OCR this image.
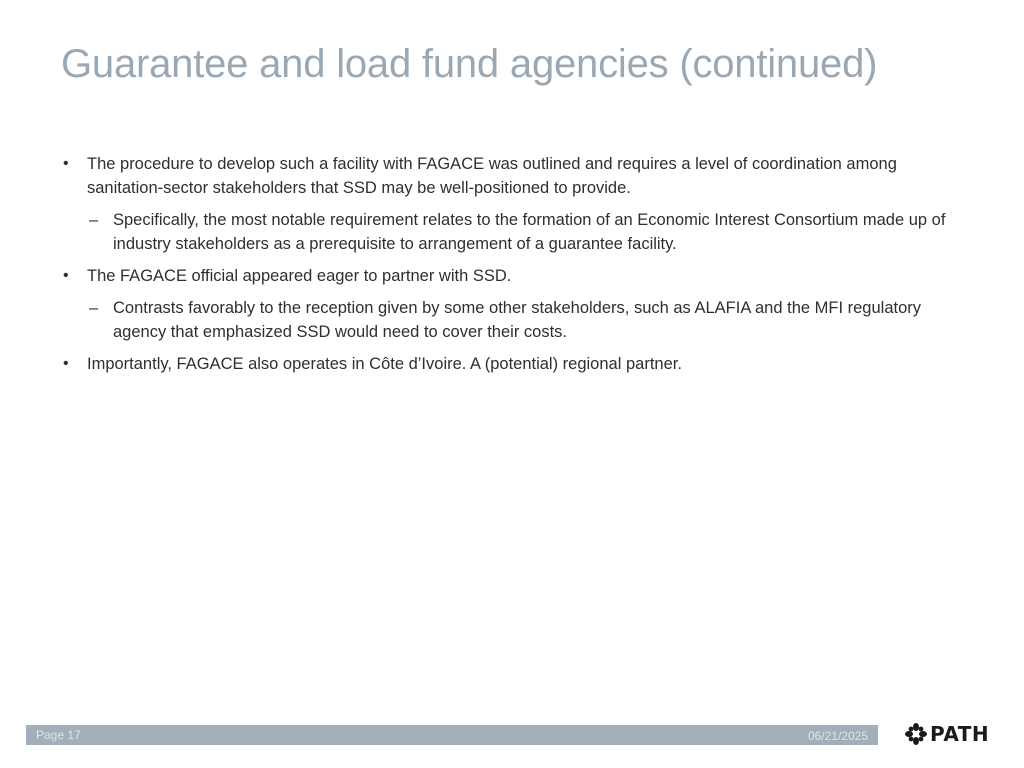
Guarantee and load fund agencies (continued)
• The procedure to develop such a facility with FAGACE was outlined and requires a level of coordination among sanitation-sector stakeholders that SSD may be well-positioned to provide.
– Specifically, the most notable requirement relates to the formation of an Economic Interest Consortium made up of industry stakeholders as a prerequisite to arrangement of a guarantee facility.
• The FAGACE official appeared eager to partner with SSD.
– Contrasts favorably to the reception given by some other stakeholders, such as ALAFIA and the MFI regulatory agency that emphasized SSD would need to cover their costs.
• Importantly, FAGACE also operates in Côte d’Ivoire. A (potential) regional partner.
Page 17	06/21/2025	PATH
